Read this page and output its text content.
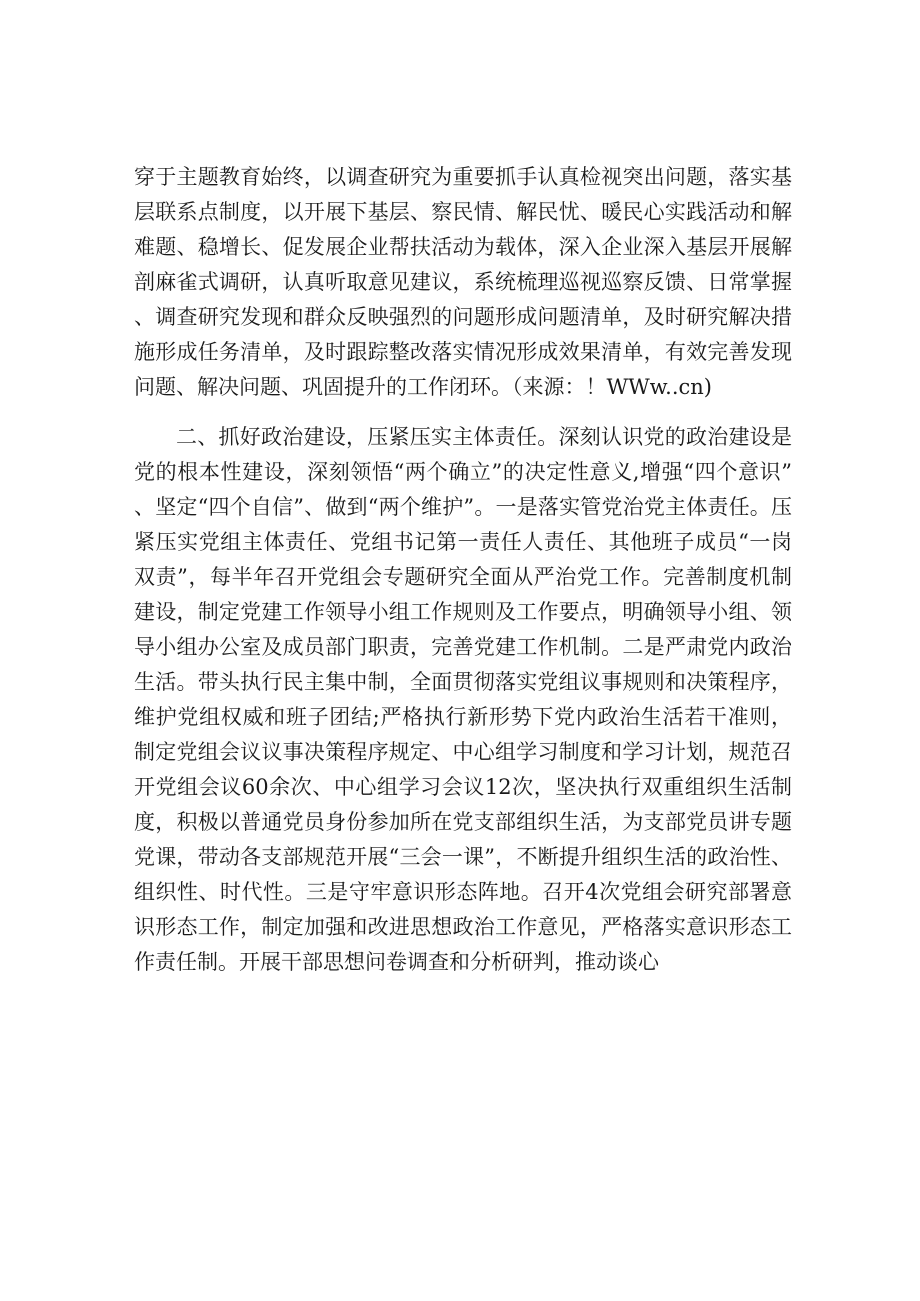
穿于主题教育始终，以调查研究为重要抓手认真检视突出问题，落实基层联系点制度，以开展下基层、察民情、解民忧、暖民心实践活动和解难题、稳增长、促发展企业帮扶活动为载体，深入企业深入基层开展解剖麻雀式调研，认真听取意见建议，系统梳理巡视巡察反馈、日常掌握、调查研究发现和群众反映强烈的问题形成问题清单，及时研究解决措施形成任务清单，及时跟踪整改落实情况形成效果清单，有效完善发现问题、解决问题、巩固提升的工作闭环。（来源：！WWw..cn)

二、抓好政治建设，压紧压实主体责任。深刻认识党的政治建设是党的根本性建设，深刻领悟“两个确立”的决定性意义,增强“四个意识”、坚定“四个自信”、做到“两个维护”。一是落实管党治党主体责任。压紧压实党组主体责任、党组书记第一责任人责任、其他班子成员“一岗双责”，每半年召开党组会专题研究全面从严治党工作。完善制度机制建设，制定党建工作领导小组工作规则及工作要点，明确领导小组、领导小组办公室及成员部门职责，完善党建工作机制。二是严肃党内政治生活。带头执行民主集中制，全面贯彻落实党组议事规则和决策程序，维护党组权威和班子团结;严格执行新形势下党内政治生活若干准则，制定党组会议议事决策程序规定、中心组学习制度和学习计划，规范召开党组会议60余次、中心组学习会议12次，坚决执行双重组织生活制度，积极以普通党员身份参加所在党支部组织生活，为支部党员讲专题党课，带动各支部规范开展“三会一课”，不断提升组织生活的政治性、组织性、时代性。三是守牢意识形态阵地。召开4次党组会研究部署意识形态工作，制定加强和改进思想政治工作意见，严格落实意识形态工作责任制。开展干部思想问卷调查和分析研判，推动谈心
